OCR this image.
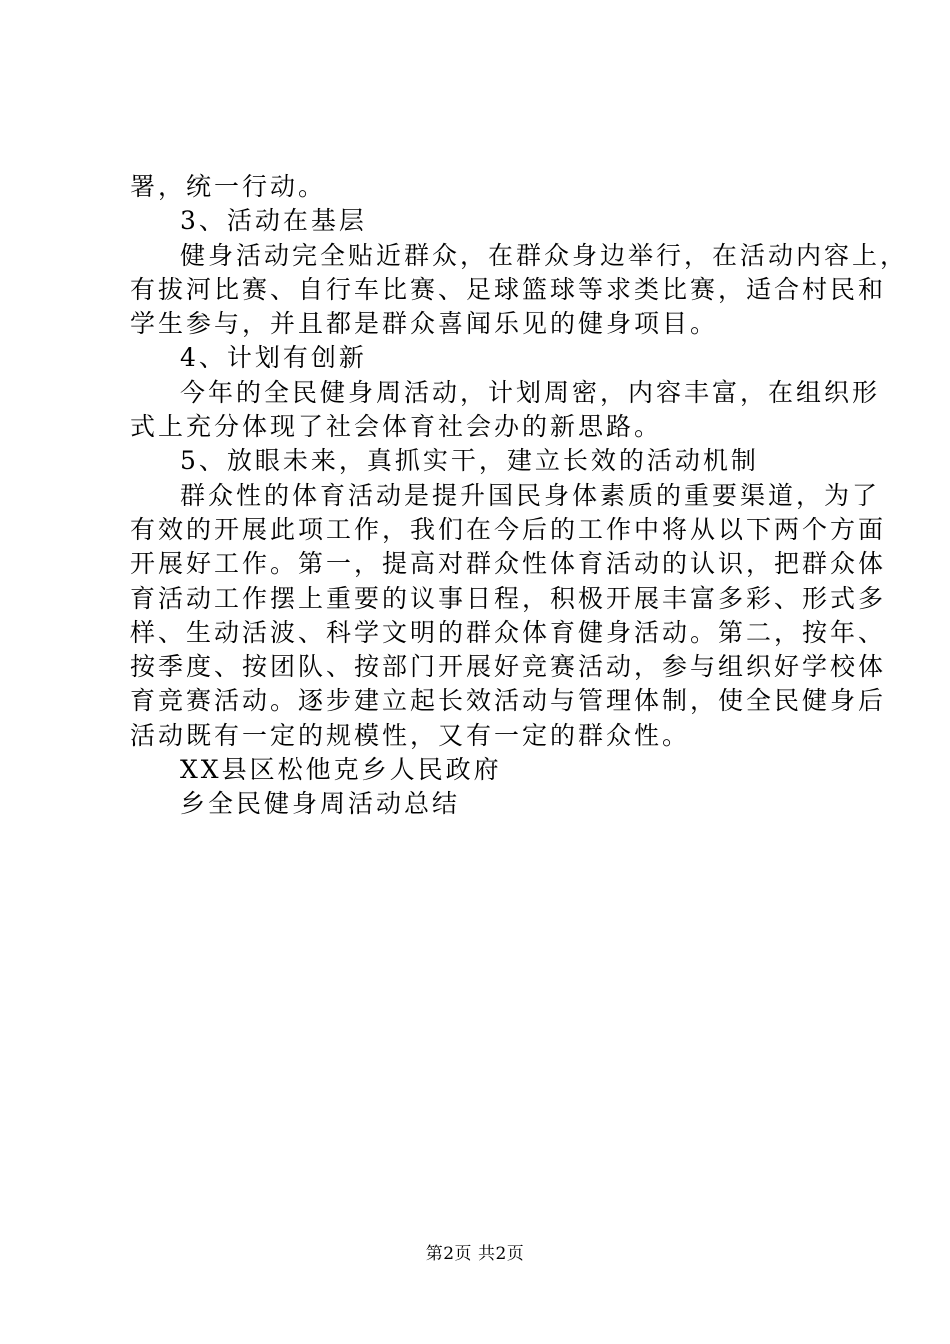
署，统一行动。
3、活动在基层
健身活动完全贴近群众，在群众身边举行，在活动内容上，
有拔河比赛、自行车比赛、足球篮球等求类比赛，适合村民和
学生参与，并且都是群众喜闻乐见的健身项目。
4、计划有创新
今年的全民健身周活动，计划周密，内容丰富，在组织形
式上充分体现了社会体育社会办的新思路。
5、放眼未来，真抓实干，建立长效的活动机制
群众性的体育活动是提升国民身体素质的重要渠道，为了
有效的开展此项工作，我们在今后的工作中将从以下两个方面
开展好工作。第一，提高对群众性体育活动的认识，把群众体
育活动工作摆上重要的议事日程，积极开展丰富多彩、形式多
样、生动活波、科学文明的群众体育健身活动。第二，按年、
按季度、按团队、按部门开展好竞赛活动，参与组织好学校体
育竞赛活动。逐步建立起长效活动与管理体制，使全民健身后
活动既有一定的规模性，又有一定的群众性。
XX县区松他克乡人民政府
乡全民健身周活动总结
第2页 共2页
